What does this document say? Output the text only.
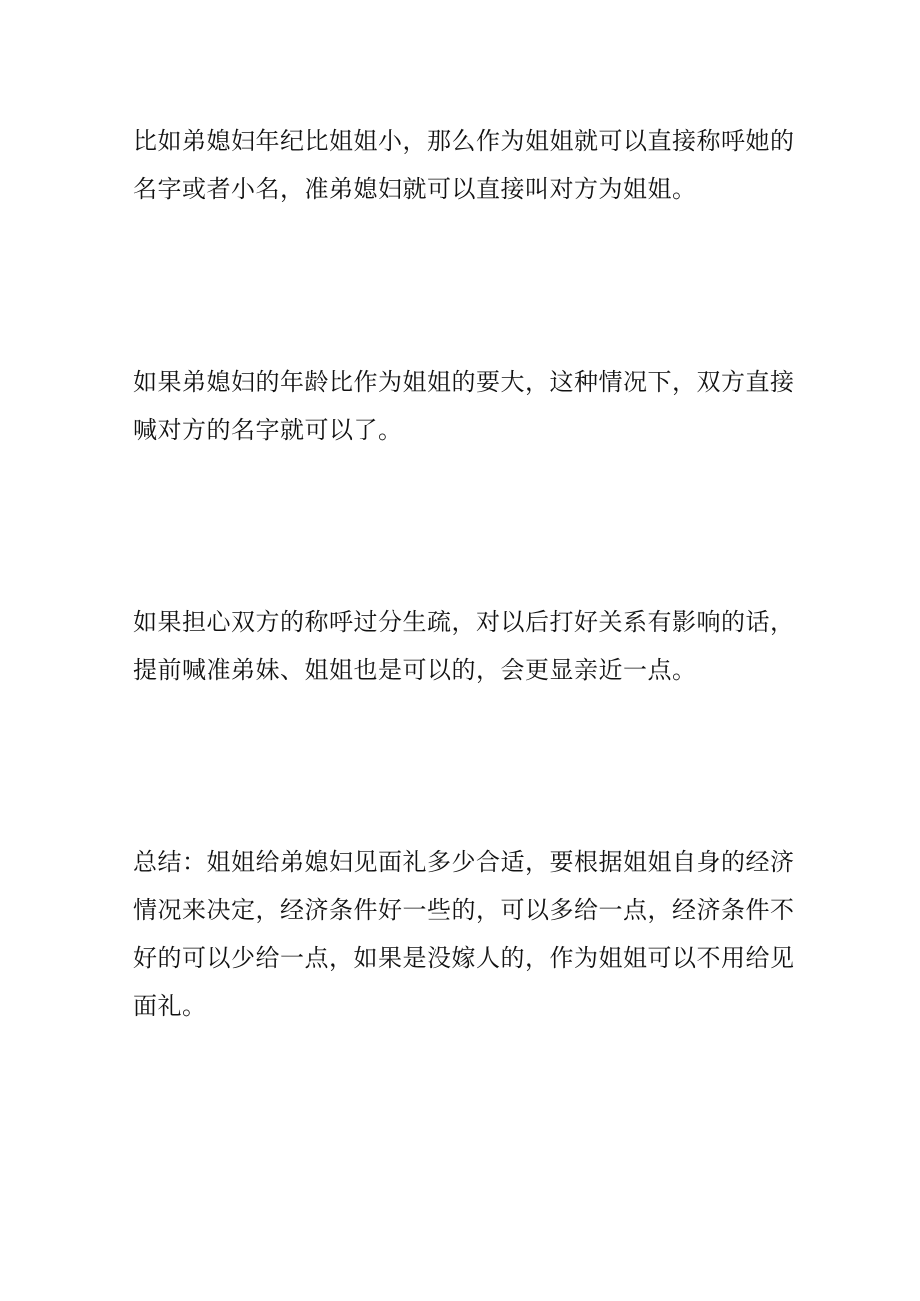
比如弟媳妇年纪比姐姐小，那么作为姐姐就可以直接称呼她的
名字或者小名，准弟媳妇就可以直接叫对方为姐姐。

如果弟媳妇的年龄比作为姐姐的要大，这种情况下，双方直接
喊对方的名字就可以了。

如果担心双方的称呼过分生疏，对以后打好关系有影响的话，
提前喊准弟妹、姐姐也是可以的，会更显亲近一点。

总结：姐姐给弟媳妇见面礼多少合适，要根据姐姐自身的经济
情况来决定，经济条件好一些的，可以多给一点，经济条件不
好的可以少给一点，如果是没嫁人的，作为姐姐可以不用给见
面礼。
